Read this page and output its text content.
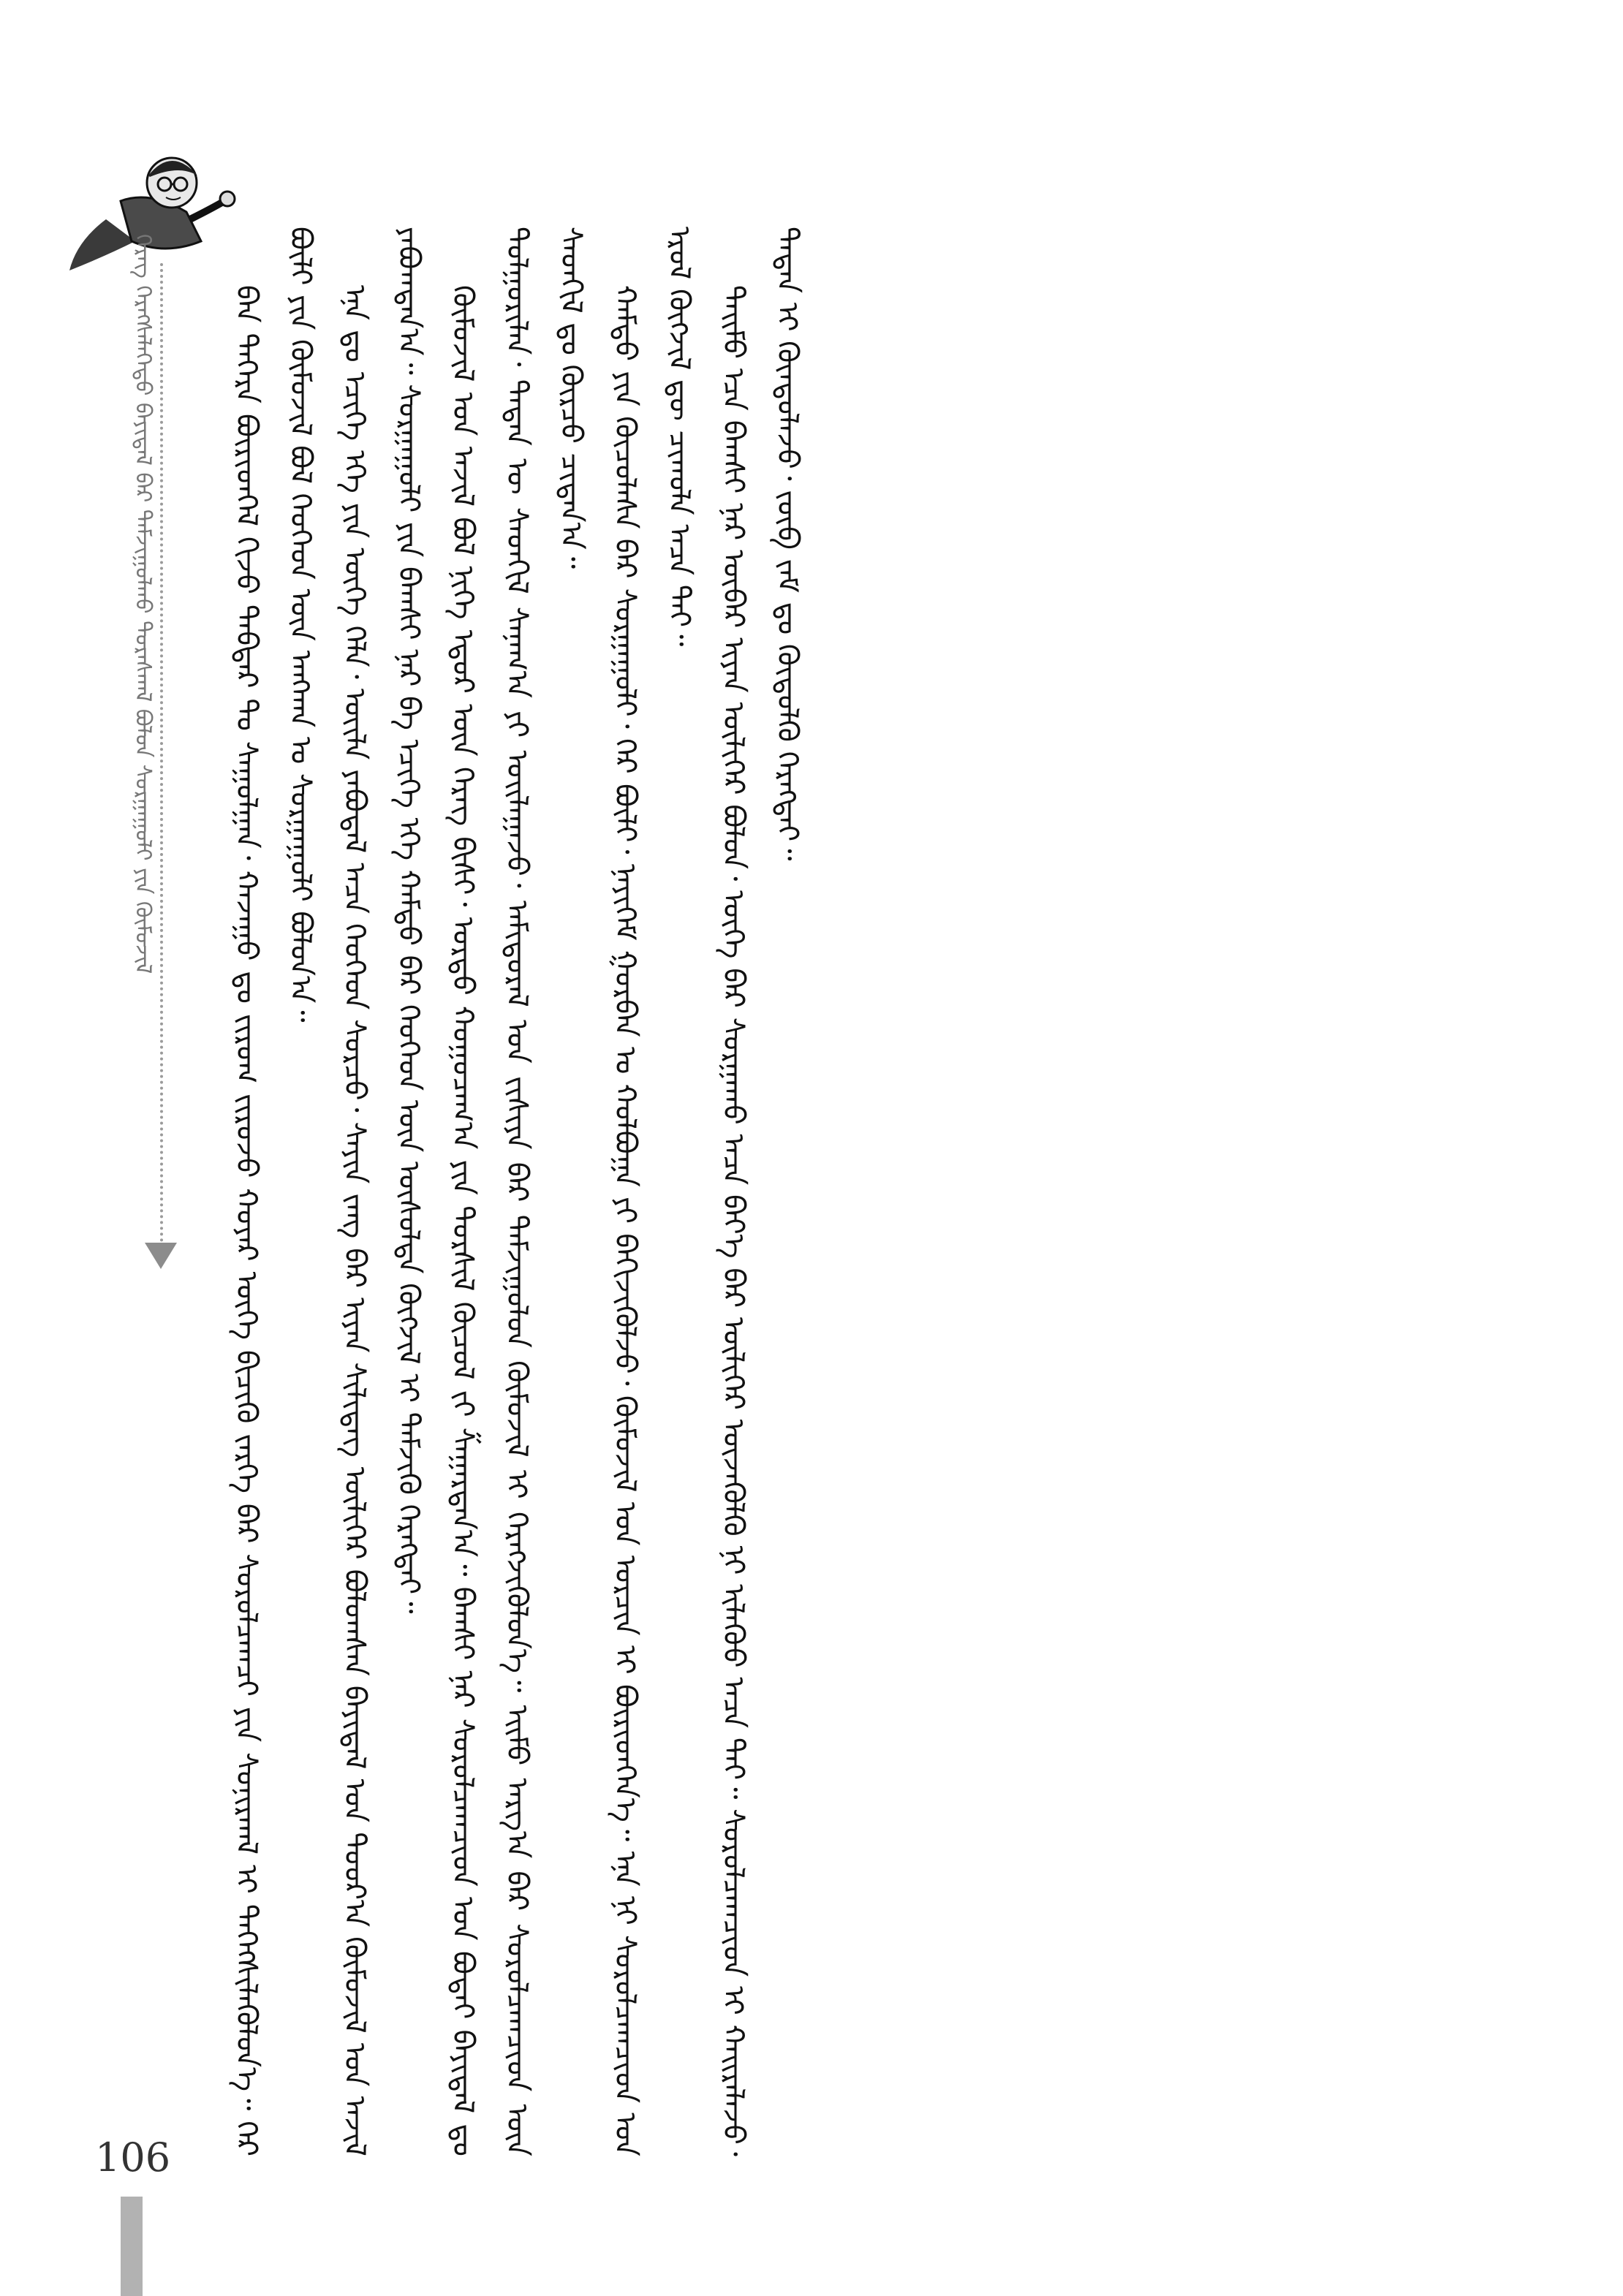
ᠬᠡᠷᠡᠭ ᠬᠡᠷᠡᠭᠰᠡᠯᠡᠭᠡᠳᠦ ᠪᠠᠶᠢᠳᠠᠯ ᠪᠡᠷ ᠳᠠᠮᠵᠢᠭᠤᠯᠬᠤ ᠳᠤᠷᠠᠰᠬᠠᠯ ᠪᠤᠯᠤᠨ ᠰᠤᠷᠭᠠᠭᠤᠯᠢ ᠶᠢᠨ ᠬᠦᠮᠦᠵᠢᠯ	ᠪᠠᠨ ᠳᠡᠭᠡᠷᠡ ᠪᠦᠷᠢᠳᠬᠡᠯ ᠬᠢᠵᠦ ᠳᠡᠪᠲᠡᠷ ᠲᠤ ᠰᠠᠭᠤᠯᠭᠠᠨ᠂ ᠬᠠᠵᠠᠭᠤ ᠳᠤ ᠵᠢᠷᠤᠭ ᠵᠢᠷᠤᠵᠤ ᠬᠣᠶᠠᠷ ᠦᠭᠡ ᠪᠢᠴᠢᠬᠦ ᠵᠡᠷᠭᠡ ᠪᠡᠷ ᠰᠤᠷᠤᠯᠴᠠᠭᠴᠢ ᠶᠢᠨ ᠰᠣᠨᠢᠷᠬᠠᠯ ᠢ ᠳᠡᠭᠡᠭᠰᠢᠯᠡᠭᠦᠯᠦᠨ᠎ᠡ᠃ ᠭᠡᠷ ᠪᠦᠯᠢ ᠶᠢᠨ ᠬᠦᠮᠦᠵᠢᠯ ᠪᠤᠯ ᠬᠡᠦᠬᠡᠳ ᠦᠨ ᠠᠩᠬᠠᠨ ᠤ ᠰᠤᠷᠭᠠᠭᠤᠯᠢ ᠪᠣᠯᠤᠨ᠎ᠠ᠃ ᠡᠨᠡ ᠳᠤ ᠡᠴᠢᠭᠡ ᠡᠬᠡ ᠶᠢᠨ ᠦᠭᠡ ᠬᠡᠯᠡ᠂ ᠦᠢᠯᠡ ᠶᠠᠪᠤᠳᠠᠯ ᠠᠴᠠ ᠬᠡᠦᠬᠡᠳ ᠰᠤᠷᠴᠤ᠂ ᠰᠠᠶᠢᠨ ᠵᠠᠩ ᠪᠠᠷ ᠢᠶᠠᠨ ᠰᠢᠯᠢᠳᠡᠭ ᠦᠯᠢᠭᠡᠷ ᠪᠣᠯᠤᠭᠰᠠᠨ ᠪᠠᠶᠢᠳᠠᠯ ᠤᠨ ᠳᠣᠣᠷ᠎ᠠ ᠬᠦᠮᠦᠵᠢᠯ ᠤᠨ ᠠᠵᠢᠯ ᠶᠠᠪᠤᠭᠳᠠᠨ᠎ᠠ᠃ ᠰᠤᠷᠭᠠᠭᠤᠯᠢ ᠶᠢᠨ ᠪᠠᠭᠰᠢ ᠨᠠᠷ ᠪᠠ ᠡᠴᠢᠭᠡ ᠡᠬᠡ ᠬᠠᠮᠲᠤ ᠪᠡᠷ ᠬᠡᠦᠬᠡᠳ ᠦᠨ ᠦᠰᠦᠯᠲᠡ ᠬᠥᠭᠵᠢᠯ ᠢ ᠳᠡᠮᠵᠢᠬᠦ ᠬᠡᠷᠡᠭᠲᠡᠢ᠃ ᠬᠦᠮᠦᠵᠢᠯ ᠤᠨ ᠠᠵᠢᠯ ᠪᠣᠯ ᠨᠢᠭᠡ ᠡᠳᠦᠷ ᠦᠨ ᠬᠡᠷᠡᠭ ᠪᠢᠰᠢ᠂ ᠤᠷᠲᠤ ᠬᠤᠭᠤᠴᠠᠭ᠎ᠠ ᠶᠢᠨ ᠳᠤᠷᠰᠢᠯ ᠬᠦᠴᠦᠯ ᠵᠢ ᠱᠠᠭᠠᠷᠳᠠᠨ᠎ᠠ᠃ ᠪᠠᠭᠰᠢ ᠨᠠᠷ ᠰᠤᠷᠤᠯᠴᠠᠭᠴᠢᠳ ᠤᠨ ᠪᠣᠳᠠᠢ ᠪᠠᠶᠢᠳᠠᠯ ᠳᠤ ᠲᠤᠯᠭᠤᠷᠢᠯᠠᠨ᠂ ᠲᠡᠳᠡᠨ ᠦ ᠰᠡᠳᠬᠢᠯ ᠰᠠᠨᠠᠭ᠎ᠠ ᠶᠢ ᠣᠢᠯᠠᠭᠠᠵᠤ᠂ ᠠᠮᠢᠳᠤᠷᠠᠯ ᠤᠨ ᠵᠢᠱᠢᠶᠡ ᠪᠠᠷ ᠳᠠᠮᠵᠢᠭᠤᠯᠤᠨ ᠬᠦᠮᠦᠵᠢᠯ ᠢ ᠬᠡᠷᠡᠭᠵᠢᠭᠦᠯᠦᠨ᠎ᠡ᠃ ᠡᠢᠮᠦ ᠠᠷᠭ᠎ᠠ ᠪᠠᠷ ᠰᠤᠷᠤᠯᠴᠠᠭᠴᠢᠳ ᠦᠨ ᠰᠡᠳᠬᠢᠯ ᠳᠤ ᠬᠦᠷᠴᠦ ᠴᠢᠳᠠᠨ᠎ᠠ᠃ ᠬᠠᠮᠲᠤ ᠶᠢᠨ ᠬᠦᠴᠦᠯᠡᠰᠡ ᠪᠠᠷ ᠰᠤᠷᠭᠠᠭᠤᠯᠢ᠂ ᠭᠡᠷ ᠪᠦᠯᠢ᠂ ᠨᠡᠶᠢᠭᠡᠮ ᠭᠤᠷᠪᠠᠨ ᠤ ᠬᠣᠯᠪᠣᠭᠠ ᠶᠢ ᠪᠡᠬᠢᠵᠢᠭᠦᠯᠵᠦ᠂ ᠬᠦᠮᠦᠵᠢᠯ ᠤᠨ ᠣᠷᠴᠢᠨ ᠢ ᠪᠦᠷᠢᠳᠬᠡᠨ᠎ᠡ᠃ ᠡᠨᠡ ᠨᠢ ᠰᠤᠷᠤᠯᠴᠠᠭᠴᠢᠳ ᠤᠨ ᠡᠷᠦᠯ ᠬᠥᠭᠵᠢᠯ ᠳᠦ ᠴᠢᠬᠤᠯᠠ ᠠᠴᠠ ᠲᠠᠢ᠃ ᠲᠡᠢᠮᠦ ᠡᠴᠡ ᠪᠠᠭᠰᠢ ᠨᠠᠷ ᠥᠪᠡᠷ ᠢᠶᠡᠨ ᠦᠯᠢᠭᠡᠷ ᠪᠣᠯᠤᠨ᠂ ᠦᠭᠡ ᠪᠡᠷ ᠰᠤᠷᠭᠠᠬᠤ ᠠᠴᠠ ᠪᠡᠶ᠎ᠡ ᠪᠡᠷ ᠦᠯᠢᠭᠡᠷ ᠦᠵᠡᠭᠦᠯᠬᠦ ᠨᠢ ᠢᠯᠡᠭᠦᠦ ᠠᠴᠠ ᠲᠠᠢ᠃ ᠰᠤᠷᠤᠯᠴᠠᠭᠴᠢᠳ ᠢ ᠬᠠᠢᠷᠠᠯᠠᠵᠤ᠂ ᠲᠡᠳᠡᠨ ᠢ ᠬᠦᠨᠳᠦᠯᠡᠵᠦ᠂ ᠵᠥᠪ ᠵᠠᠮ ᠳᠤ ᠬᠥᠲᠦᠯᠬᠦ ᠬᠡᠷᠡᠭᠲᠡᠢ᠃

106
